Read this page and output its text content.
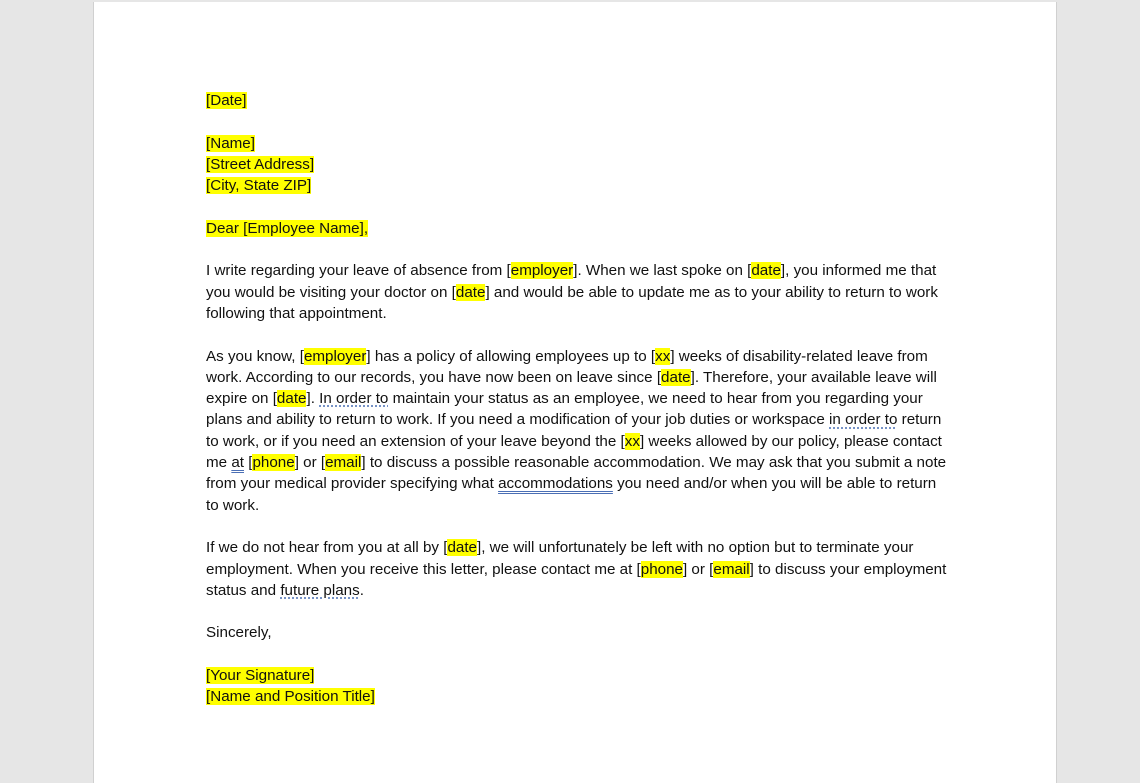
[Date]

[Name]
[Street Address]
[City, State ZIP]

Dear [Employee Name],

I write regarding your leave of absence from [employer]. When we last spoke on [date], you informed me that you would be visiting your doctor on [date] and would be able to update me as to your ability to return to work following that appointment.

As you know, [employer] has a policy of allowing employees up to [xx] weeks of disability-related leave from work. According to our records, you have now been on leave since [date]. Therefore, your available leave will expire on [date]. In order to maintain your status as an employee, we need to hear from you regarding your plans and ability to return to work. If you need a modification of your job duties or workspace in order to return to work, or if you need an extension of your leave beyond the [xx] weeks allowed by our policy, please contact me at [phone] or [email] to discuss a possible reasonable accommodation. We may ask that you submit a note from your medical provider specifying what accommodations you need and/or when you will be able to return to work.

If we do not hear from you at all by [date], we will unfortunately be left with no option but to terminate your employment. When you receive this letter, please contact me at [phone] or [email] to discuss your employment status and future plans.

Sincerely,

[Your Signature]
[Name and Position Title]
